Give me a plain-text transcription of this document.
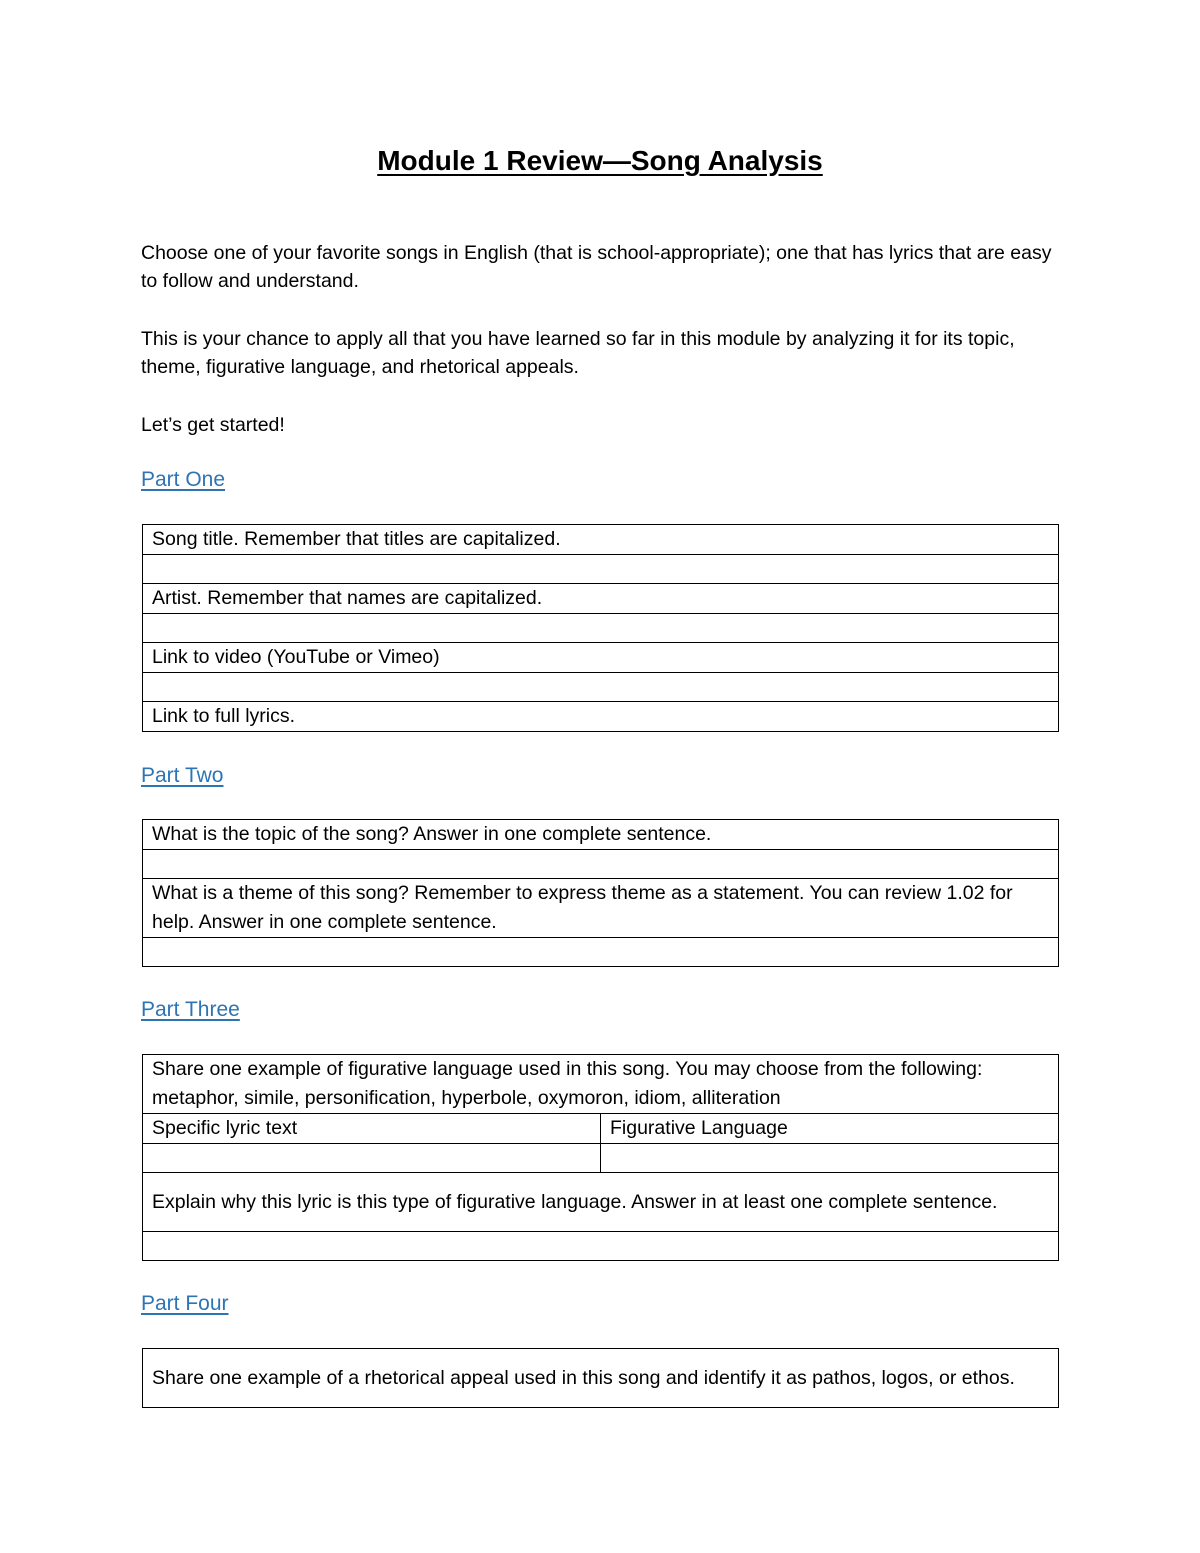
Module 1 Review—Song Analysis

Choose one of your favorite songs in English (that is school-appropriate); one that has lyrics that are easy to follow and understand.

This is your chance to apply all that you have learned so far in this module by analyzing it for its topic, theme, figurative language, and rhetorical appeals.

Let’s get started!

Part One

Song title. Remember that titles are capitalized.

Artist. Remember that names are capitalized.

Link to video (YouTube or Vimeo)

Link to full lyrics.

Part Two

What is the topic of the song? Answer in one complete sentence.

What is a theme of this song? Remember to express theme as a statement. You can review 1.02 for help. Answer in one complete sentence.

Part Three

Share one example of figurative language used in this song. You may choose from the following: metaphor, simile, personification, hyperbole, oxymoron, idiom, alliteration	
Specific lyric text	Figurative Language

Explain why this lyric is this type of figurative language. Answer in at least one complete sentence.	

Part Four

Share one example of a rhetorical appeal used in this song and identify it as pathos, logos, or ethos.
